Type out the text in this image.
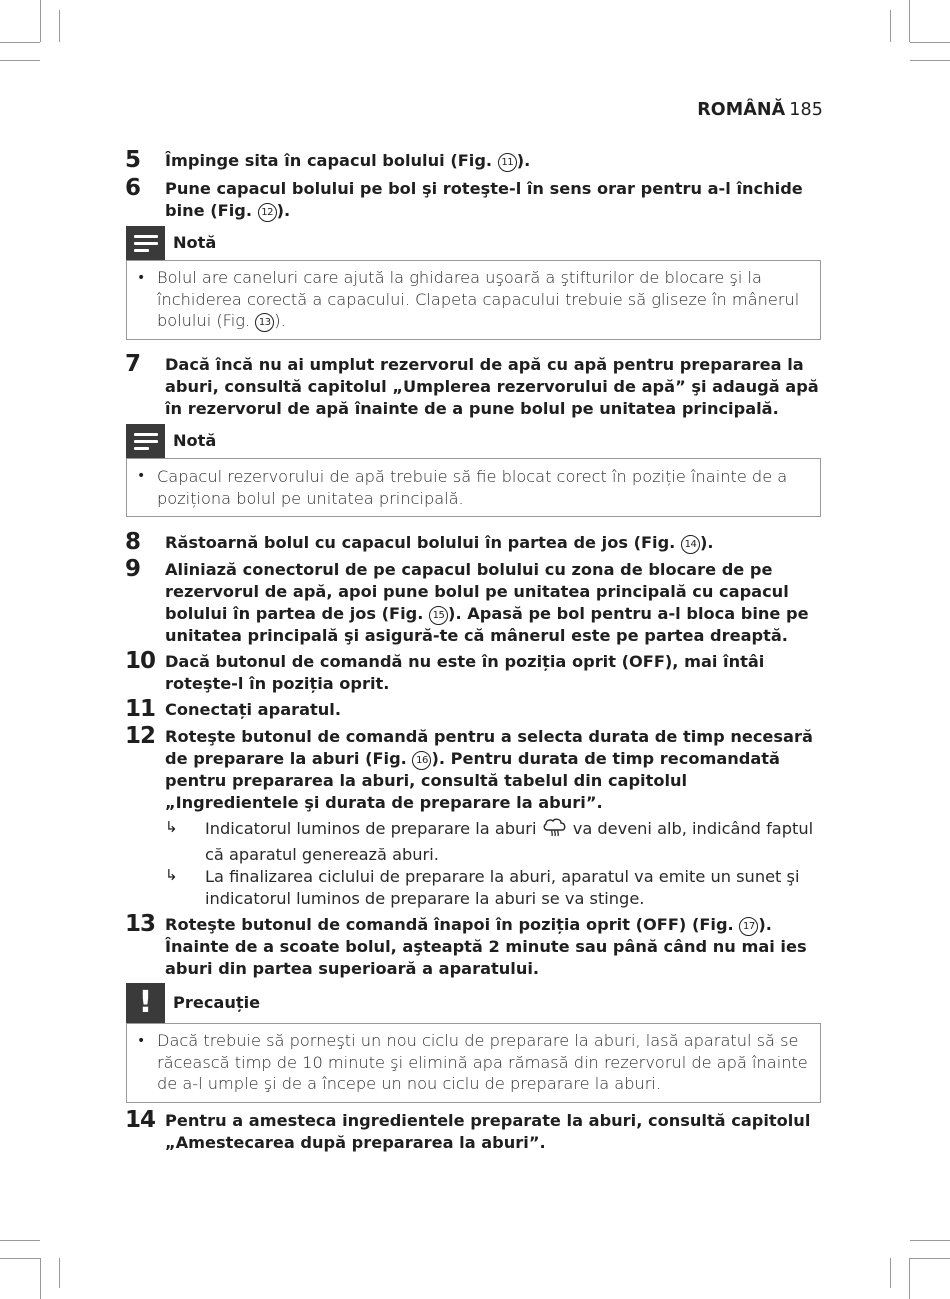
ROMÂNĂ 185
5 Împinge sita în capacul bolului (Fig. 11 ).
6 Pune capacul bolului pe bol şi roteşte-l în sens orar pentru a-l închide bine (Fig. 12 ).
Notă
• Bolul are caneluri care ajută la ghidarea uşoară a ştifturilor de blocare şi la închiderea corectă a capacului. Clapeta capacului trebuie să gliseze în mânerul bolului (Fig. 13 ).
7 Dacă încă nu ai umplut rezervorul de apă cu apă pentru prepararea la aburi, consultă capitolul „Umplerea rezervorului de apă” şi adaugă apă în rezervorul de apă înainte de a pune bolul pe unitatea principală.
Notă
• Capacul rezervorului de apă trebuie să fie blocat corect în poziție înainte de a poziționa bolul pe unitatea principală.
8 Răstoarnă bolul cu capacul bolului în partea de jos (Fig. 14 ).
9 Aliniază conectorul de pe capacul bolului cu zona de blocare de pe rezervorul de apă, apoi pune bolul pe unitatea principală cu capacul bolului în partea de jos (Fig. 15 ). Apasă pe bol pentru a-l bloca bine pe unitatea principală şi asigură-te că mânerul este pe partea dreaptă.
10 Dacă butonul de comandă nu este în poziția oprit (OFF), mai întâi roteşte-l în poziția oprit.
11 Conectați aparatul.
12 Roteşte butonul de comandă pentru a selecta durata de timp necesară de preparare la aburi (Fig. 16 ). Pentru durata de timp recomandată pentru prepararea la aburi, consultă tabelul din capitolul „Ingredientele şi durata de preparare la aburi”.
↳ Indicatorul luminos de preparare la aburi  va deveni alb, indicând faptul că aparatul generează aburi.
↳ La finalizarea ciclului de preparare la aburi, aparatul va emite un sunet şi indicatorul luminos de preparare la aburi se va stinge.
13 Roteşte butonul de comandă înapoi în poziția oprit (OFF) (Fig. 17 ). Înainte de a scoate bolul, aşteaptă 2 minute sau până când nu mai ies aburi din partea superioară a aparatului.
!	Precauție
• Dacă trebuie să porneşti un nou ciclu de preparare la aburi, lasă aparatul să se răcească timp de 10 minute şi elimină apa rămasă din rezervorul de apă înainte de a-l umple şi de a începe un nou ciclu de preparare la aburi.
14 Pentru a amesteca ingredientele preparate la aburi, consultă capitolul „Amestecarea după prepararea la aburi”.
